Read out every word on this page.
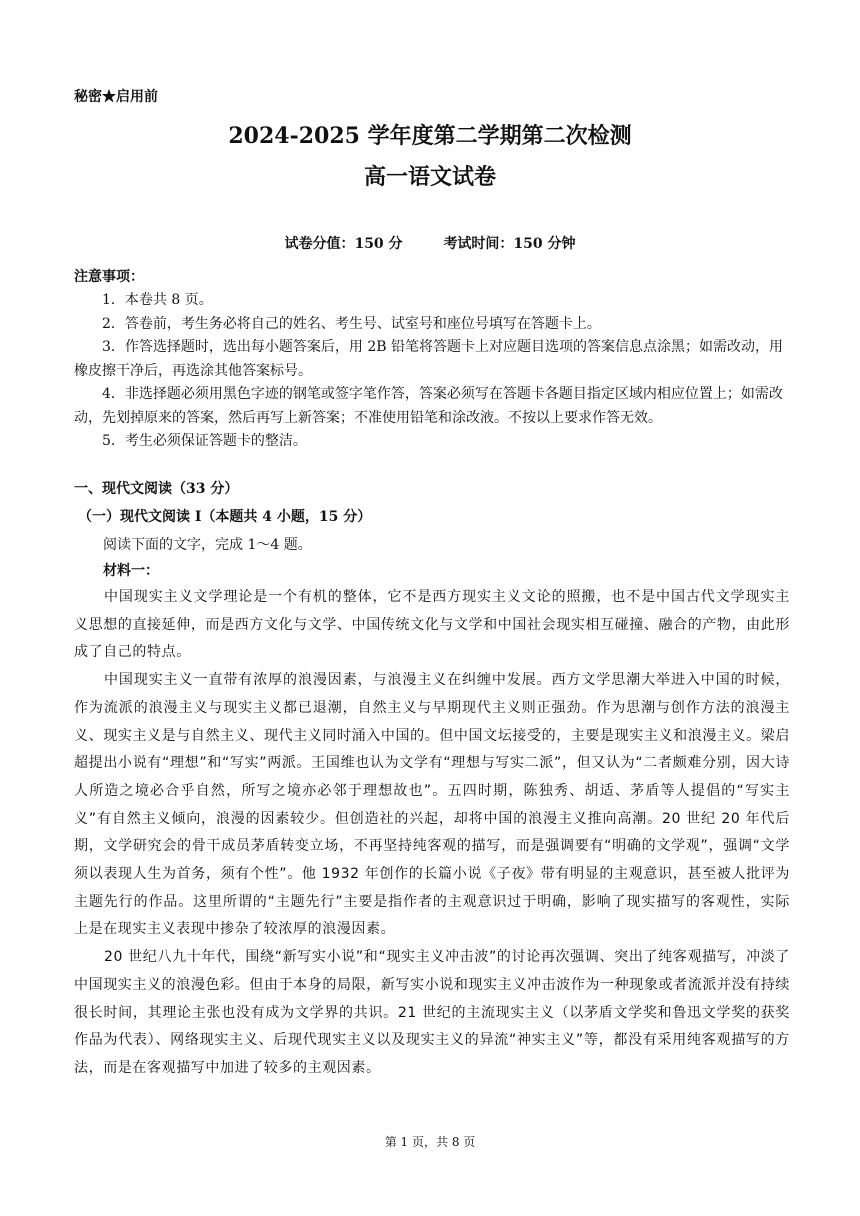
秘密★启用前
2024-2025 学年度第二学期第二次检测
高一语文试卷
试卷分值：150 分	考试时间：150 分钟
注意事项：

1．本卷共 8 页。

2．答卷前，考生务必将自己的姓名、考生号、试室号和座位号填写在答题卡上。

3．作答选择题时，选出每小题答案后，用 2B 铅笔将答题卡上对应题目选项的答案信息点涂黑；如需改动，用橡皮擦干净后，再选涂其他答案标号。

4．非选择题必须用黑色字迹的钢笔或签字笔作答，答案必须写在答题卡各题目指定区域内相应位置上；如需改动，先划掉原来的答案，然后再写上新答案；不准使用铅笔和涂改液。不按以上要求作答无效。

5．考生必须保证答题卡的整洁。

一、现代文阅读（33 分）
（一）现代文阅读 I（本题共 4 小题，15 分）
阅读下面的文字，完成 1～4 题。
材料一：

中国现实主义文学理论是一个有机的整体，它不是西方现实主义文论的照搬，也不是中国古代文学现实主义思想的直接延伸，而是西方文化与文学、中国传统文化与文学和中国社会现实相互碰撞、融合的产物，由此形成了自己的特点。

中国现实主义一直带有浓厚的浪漫因素，与浪漫主义在纠缠中发展。西方文学思潮大举进入中国的时候，作为流派的浪漫主义与现实主义都已退潮，自然主义与早期现代主义则正强劲。作为思潮与创作方法的浪漫主义、现实主义是与自然主义、现代主义同时涌入中国的。但中国文坛接受的，主要是现实主义和浪漫主义。梁启超提出小说有“理想”和“写实”两派。王国维也认为文学有“理想与写实二派”，但又认为“二者颇难分别，因大诗人所造之境必合乎自然，所写之境亦必邻于理想故也”。五四时期，陈独秀、胡适、茅盾等人提倡的“写实主义”有自然主义倾向，浪漫的因素较少。但创造社的兴起，却将中国的浪漫主义推向高潮。20 世纪 20 年代后期，文学研究会的骨干成员茅盾转变立场，不再坚持纯客观的描写，而是强调要有“明确的文学观”，强调“文学须以表现人生为首务，须有个性”。他 1932 年创作的长篇小说《子夜》带有明显的主观意识，甚至被人批评为主题先行的作品。这里所谓的“主题先行”主要是指作者的主观意识过于明确，影响了现实描写的客观性，实际上是在现实主义表现中掺杂了较浓厚的浪漫因素。

20 世纪八九十年代，围绕“新写实小说”和“现实主义冲击波”的讨论再次强调、突出了纯客观描写，冲淡了中国现实主义的浪漫色彩。但由于本身的局限，新写实小说和现实主义冲击波作为一种现象或者流派并没有持续很长时间，其理论主张也没有成为文学界的共识。21 世纪的主流现实主义（以茅盾文学奖和鲁迅文学奖的获奖作品为代表）、网络现实主义、后现代现实主义以及现实主义的异流“神实主义”等，都没有采用纯客观描写的方法，而是在客观描写中加进了较多的主观因素。

第 1 页，共 8 页
